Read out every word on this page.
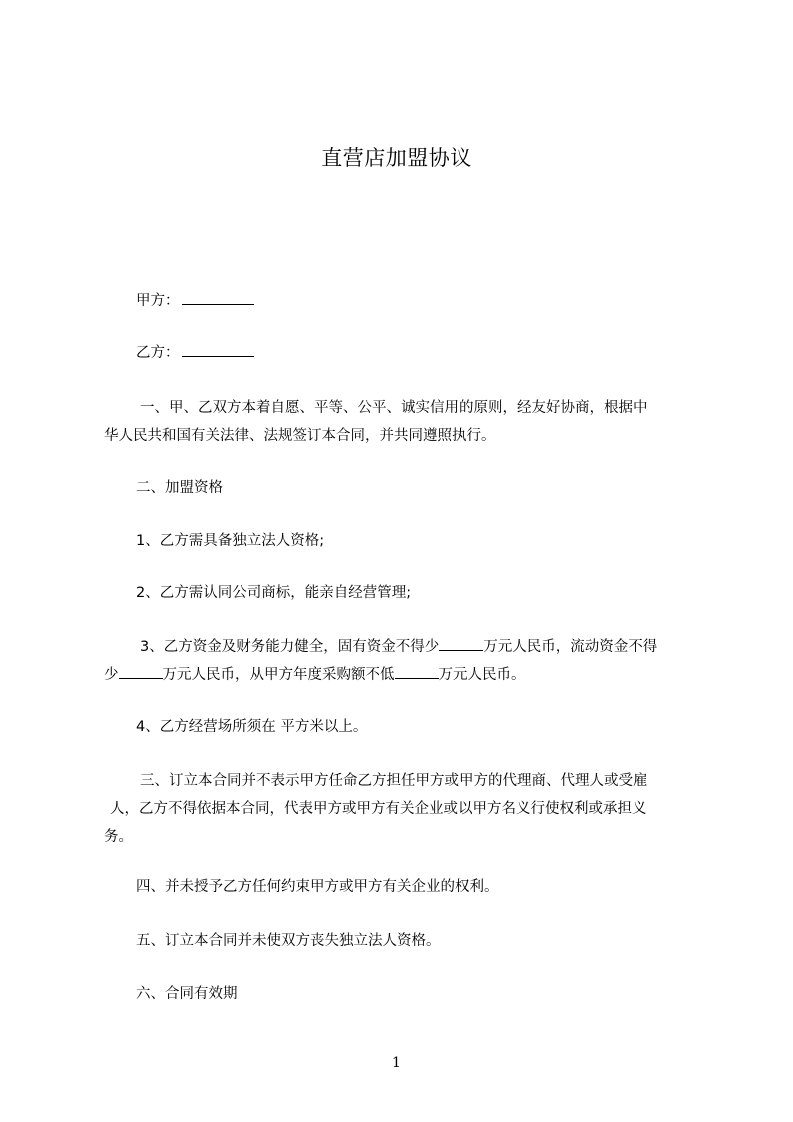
直营店加盟协议
甲方：
乙方：
一、甲、乙双方本着自愿、平等、公平、诚实信用的原则，经友好协商，根据中
华人民共和国有关法律、法规签订本合同，并共同遵照执行。
二、加盟资格
1、乙方需具备独立法人资格;
2、乙方需认同公司商标，能亲自经营管理;
3、乙方资金及财务能力健全，固有资金不得少	万元人民币，流动资金不得
少	万元人民币，从甲方年度采购额不低	万元人民币。
4、乙方经营场所须在 平方米以上。
三、订立本合同并不表示甲方任命乙方担任甲方或甲方的代理商、代理人或受雇
人，乙方不得依据本合同，代表甲方或甲方有关企业或以甲方名义行使权利或承担义
务。
四、并未授予乙方任何约束甲方或甲方有关企业的权利。
五、订立本合同并未使双方丧失独立法人资格。
六、合同有效期
1
